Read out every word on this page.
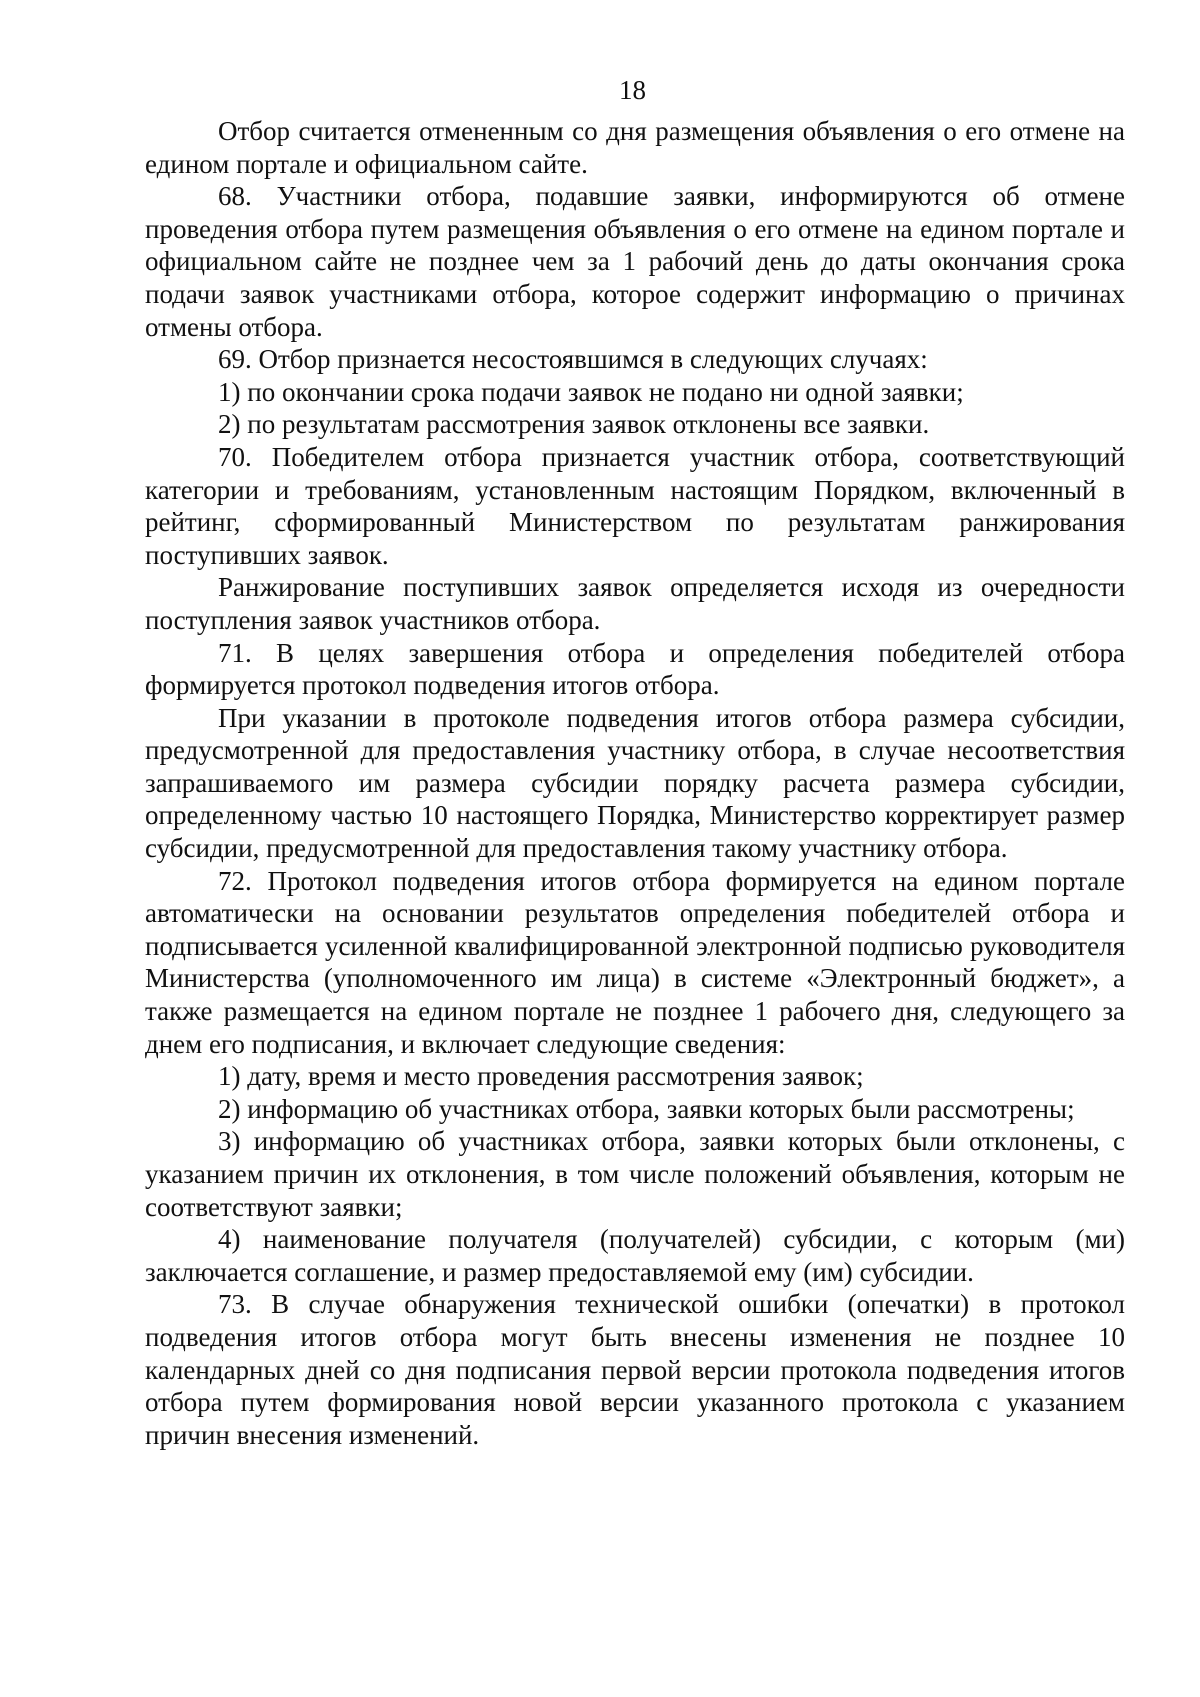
18

Отбор считается отмененным со дня размещения объявления о его отмене на едином портале и официальном сайте.

68. Участники отбора, подавшие заявки, информируются об отмене проведения отбора путем размещения объявления о его отмене на едином портале и официальном сайте не позднее чем за 1 рабочий день до даты окончания срока подачи заявок участниками отбора, которое содержит информацию о причинах отмены отбора.

69. Отбор признается несостоявшимся в следующих случаях:

1) по окончании срока подачи заявок не подано ни одной заявки;

2) по результатам рассмотрения заявок отклонены все заявки.

70. Победителем отбора признается участник отбора, соответствующий категории и требованиям, установленным настоящим Порядком, включенный в рейтинг, сформированный Министерством по результатам ранжирования поступивших заявок.

Ранжирование поступивших заявок определяется исходя из очередности поступления заявок участников отбора.

71. В целях завершения отбора и определения победителей отбора формируется протокол подведения итогов отбора.

При указании в протоколе подведения итогов отбора размера субсидии, предусмотренной для предоставления участнику отбора, в случае несоответствия запрашиваемого им размера субсидии порядку расчета размера субсидии, определенному частью 10 настоящего Порядка, Министерство корректирует размер субсидии, предусмотренной для предоставления такому участнику отбора.

72. Протокол подведения итогов отбора формируется на едином портале автоматически на основании результатов определения победителей отбора и подписывается усиленной квалифицированной электронной подписью руководителя Министерства (уполномоченного им лица) в системе «Электронный бюджет», а также размещается на едином портале не позднее 1 рабочего дня, следующего за днем его подписания, и включает следующие сведения:

1) дату, время и место проведения рассмотрения заявок;

2) информацию об участниках отбора, заявки которых были рассмотрены;

3) информацию об участниках отбора, заявки которых были отклонены, с указанием причин их отклонения, в том числе положений объявления, которым не соответствуют заявки;

4) наименование получателя (получателей) субсидии, с которым (ми) заключается соглашение, и размер предоставляемой ему (им) субсидии.

73. В случае обнаружения технической ошибки (опечатки) в протокол подведения итогов отбора могут быть внесены изменения не позднее 10 календарных дней со дня подписания первой версии протокола подведения итогов отбора путем формирования новой версии указанного протокола с указанием причин внесения изменений.
